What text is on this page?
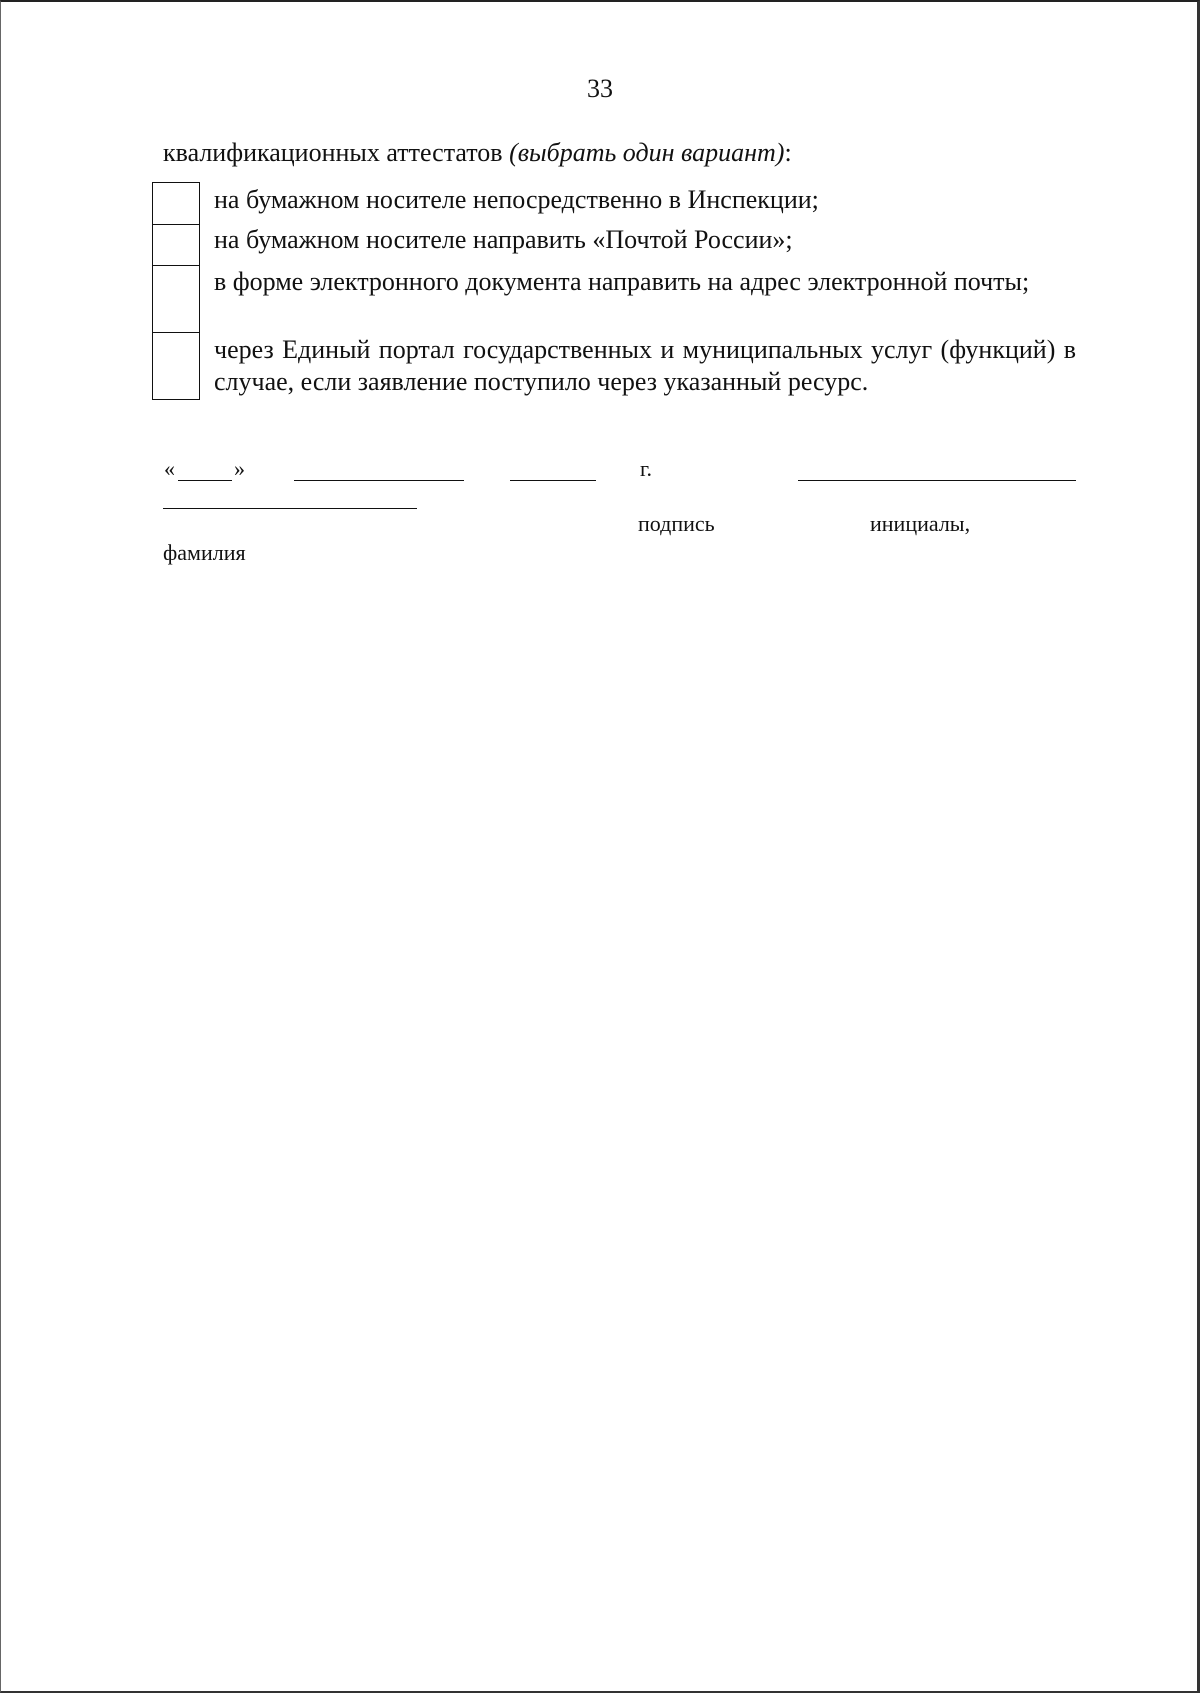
33
квалификационных аттестатов (выбрать один вариант):
на бумажном носителе непосредственно в Инспекции;
на бумажном носителе направить «Почтой России»;
в форме электронного документа направить на адрес электронной почты;
через Единый портал государственных и муниципальных услуг (функций) в случае, если заявление поступило через указанный ресурс.
«	»	г.
подпись	инициалы,
фамилия
